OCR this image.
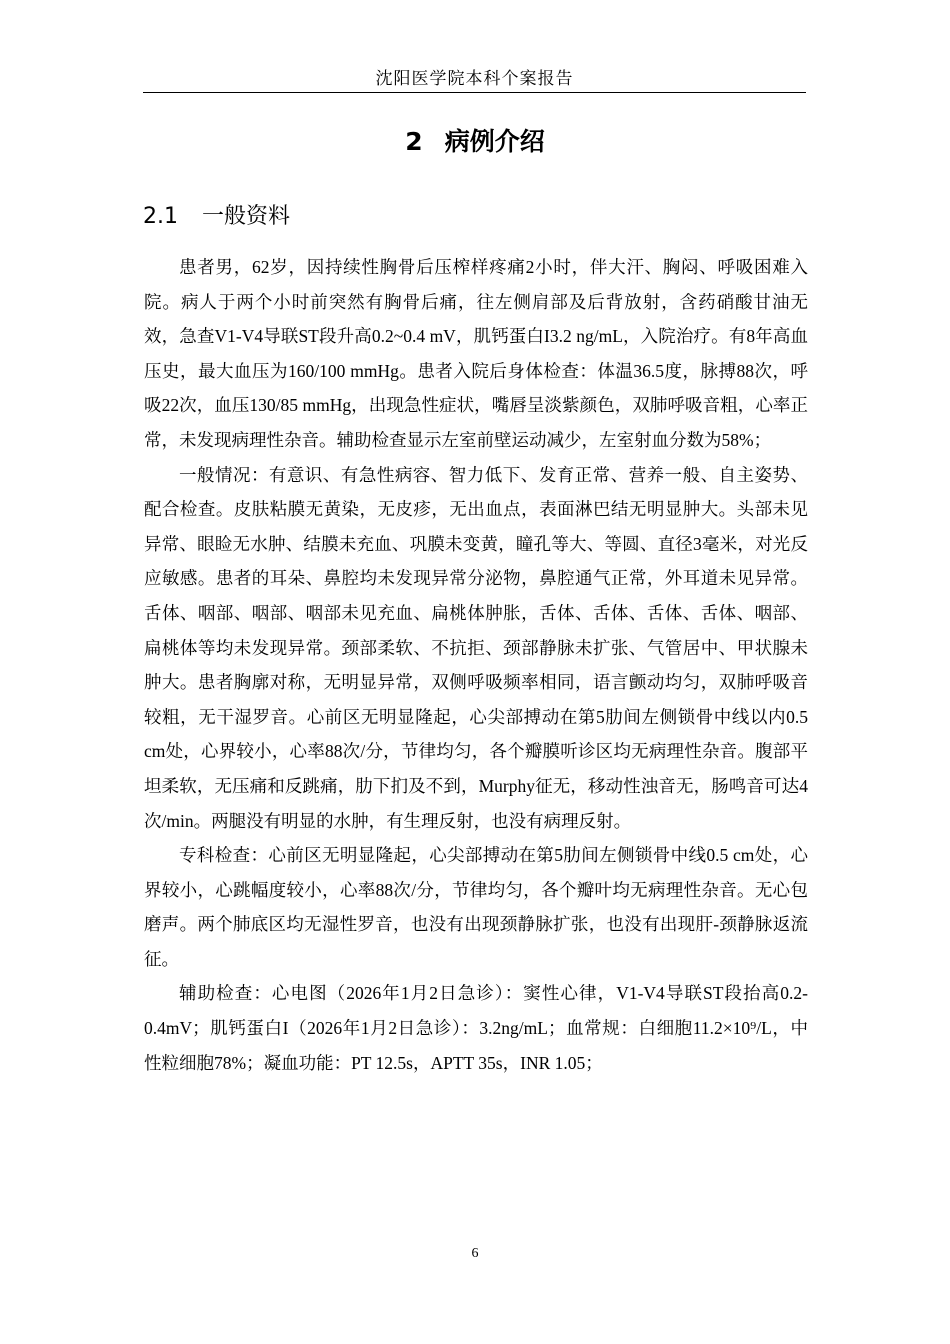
沈阳医学院本科个案报告
2 病例介绍
2.1 一般资料

患者男，62岁，因持续性胸骨后压榨样疼痛2小时，伴大汗、胸闷、呼吸困难入院。病人于两个小时前突然有胸骨后痛，往左侧肩部及后背放射，含药硝酸甘油无效，急查V1-V4导联ST段升高0.2~0.4 mV，肌钙蛋白I3.2 ng/mL，入院治疗。有8年高血压史，最大血压为160/100 mmHg。患者入院后身体检查：体温36.5度，脉搏88次，呼吸22次，血压130/85 mmHg，出现急性症状，嘴唇呈淡紫颜色，双肺呼吸音粗，心率正常，未发现病理性杂音。辅助检查显示左室前壁运动减少，左室射血分数为58%；

一般情况：有意识、有急性病容、智力低下、发育正常、营养一般、自主姿势、配合检查。皮肤粘膜无黄染，无皮疹，无出血点，表面淋巴结无明显肿大。头部未见异常、眼睑无水肿、结膜未充血、巩膜未变黄，瞳孔等大、等圆、直径3毫米，对光反应敏感。患者的耳朵、鼻腔均未发现异常分泌物，鼻腔通气正常，外耳道未见异常。舌体、咽部、咽部、咽部未见充血、扁桃体肿胀，舌体、舌体、舌体、舌体、咽部、扁桃体等均未发现异常。颈部柔软、不抗拒、颈部静脉未扩张、气管居中、甲状腺未肿大。患者胸廓对称，无明显异常，双侧呼吸频率相同，语言颤动均匀，双肺呼吸音较粗，无干湿罗音。心前区无明显隆起，心尖部搏动在第5肋间左侧锁骨中线以内0.5 cm处，心界较小，心率88次/分，节律均匀，各个瓣膜听诊区均无病理性杂音。腹部平坦柔软，无压痛和反跳痛，肋下扪及不到，Murphy征无，移动性浊音无，肠鸣音可达4次/min。两腿没有明显的水肿，有生理反射，也没有病理反射。

专科检查：心前区无明显隆起，心尖部搏动在第5肋间左侧锁骨中线0.5 cm处，心界较小，心跳幅度较小，心率88次/分，节律均匀，各个瓣叶均无病理性杂音。无心包磨声。两个肺底区均无湿性罗音，也没有出现颈静脉扩张，也没有出现肝-颈静脉返流征。

辅助检查：心电图（2026年1月2日急诊）：窦性心律，V1-V4导联ST段抬高0.2-0.4mV；肌钙蛋白I（2026年1月2日急诊）：3.2ng/mL；血常规：白细胞11.2×10⁹/L，中性粒细胞78%；凝血功能：PT 12.5s，APTT 35s，INR 1.05；

6
